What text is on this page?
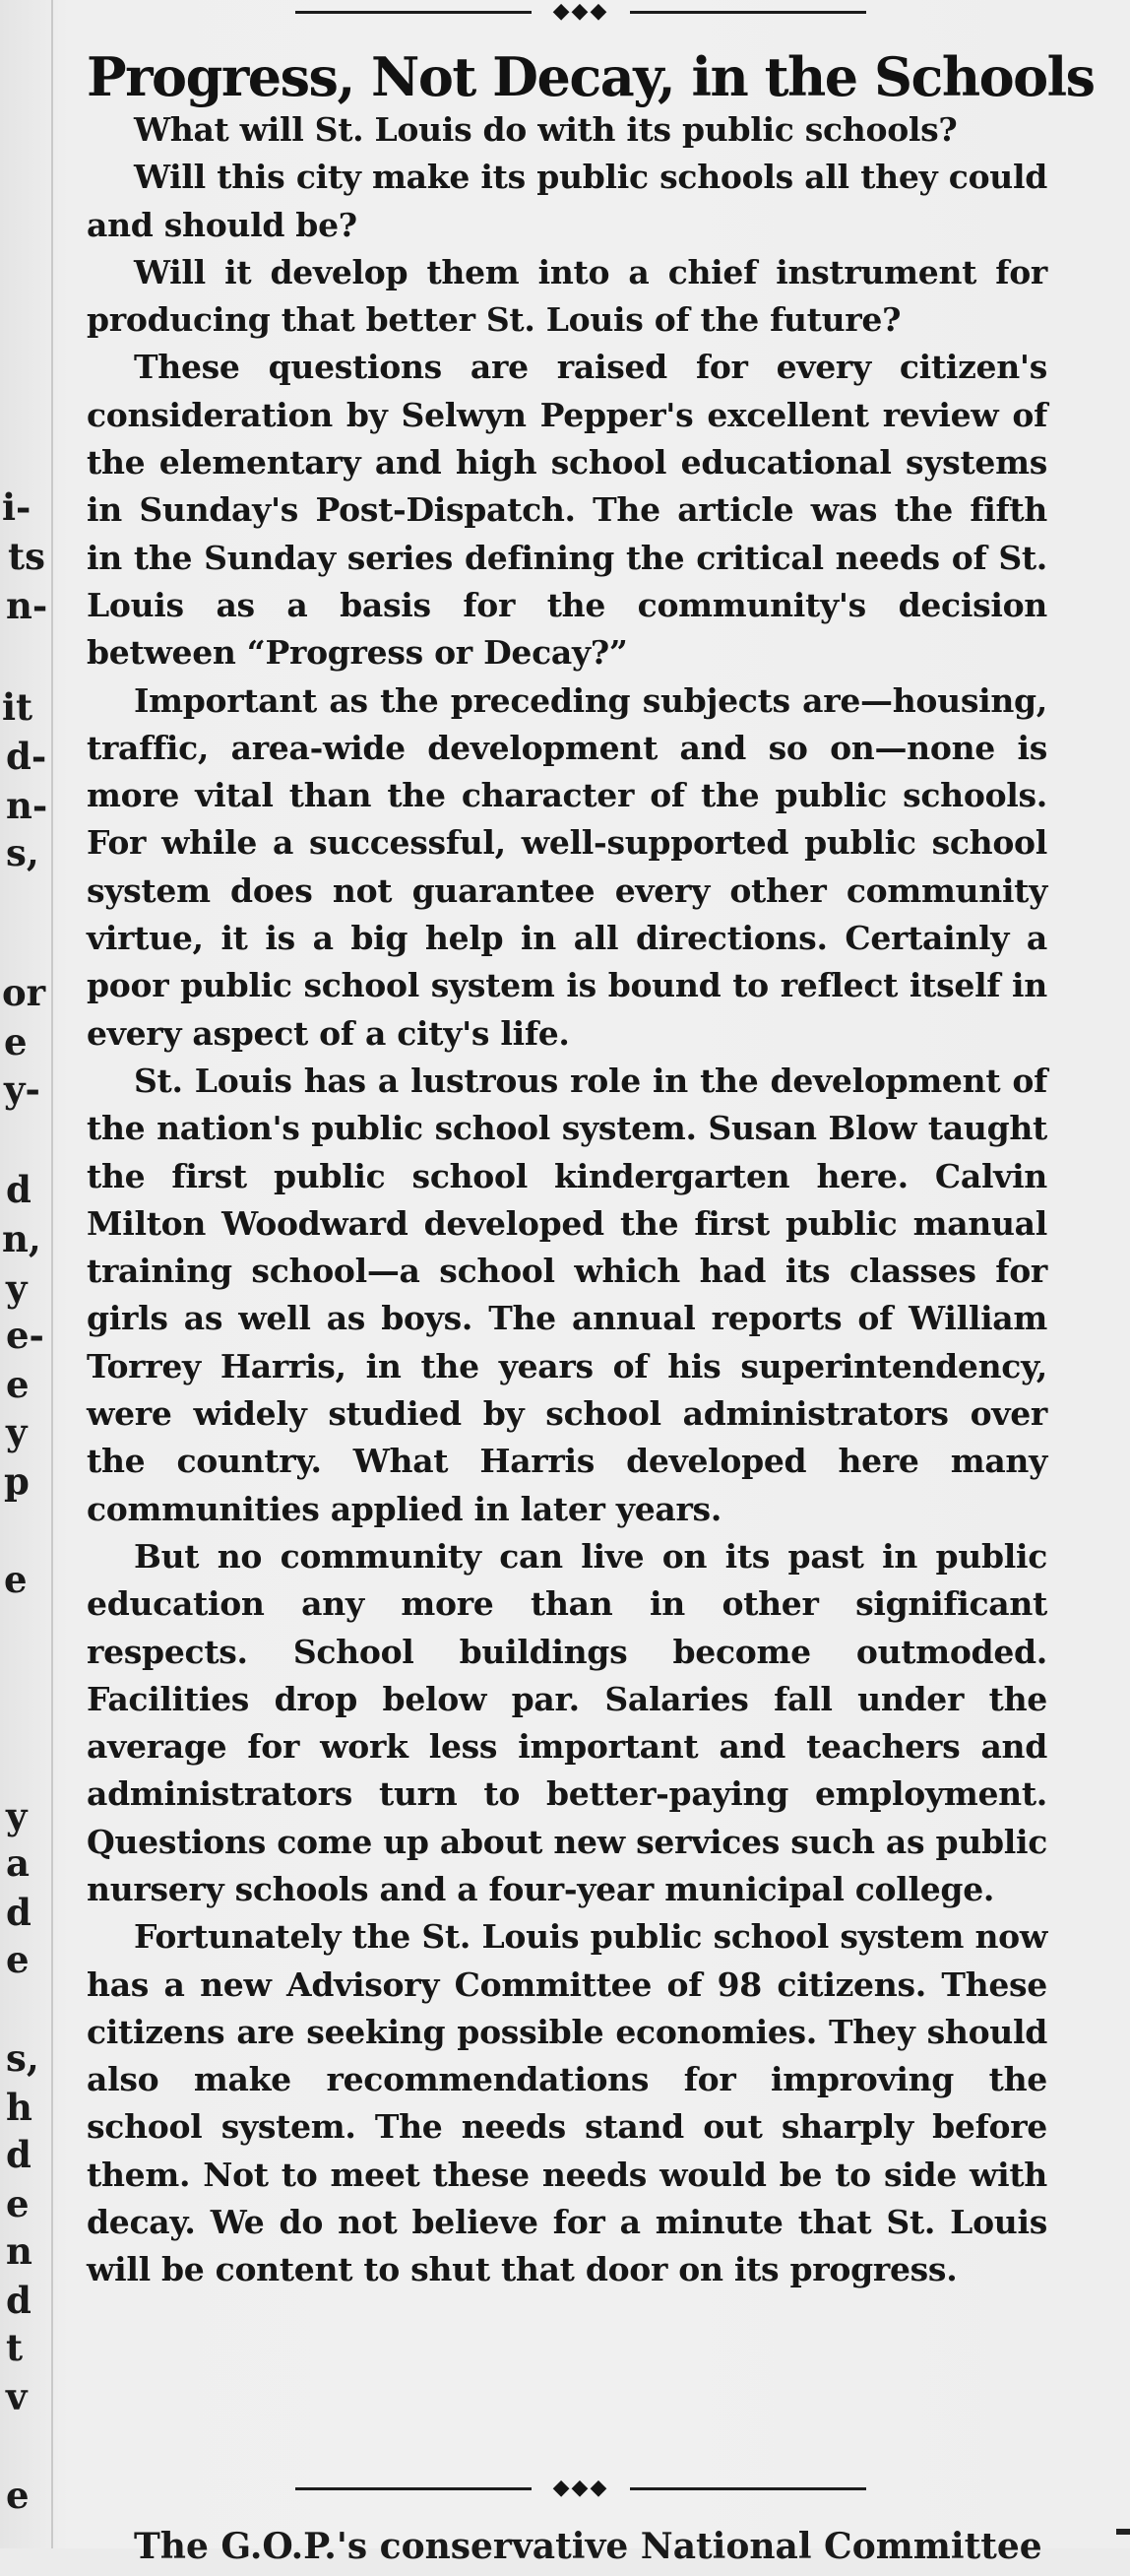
i-
ts
n-
it
d-
n-
s,
or
e
y-
d
n,
y
e-
e
y
p
e
y
a
d
e
s,
h
d
e
n
d
t
v
e
◆◆◆
Progress, Not Decay, in the Schools

What will St. Louis do with its public schools?

Will this city make its public schools all they could and should be?

Will it develop them into a chief instrument for producing that better St. Louis of the future?

These questions are raised for every citizen's consideration by Selwyn Pepper's excellent review of the elementary and high school educational systems in Sunday's Post-Dispatch. The article was the fifth in the Sunday series defining the critical needs of St. Louis as a basis for the community's decision between “Progress or Decay?”

Important as the preceding subjects are—housing, traffic, area-wide development and so on—none is more vital than the character of the public schools. For while a successful, well-supported public school system does not guarantee every other community virtue, it is a big help in all directions. Certainly a poor public school system is bound to reflect itself in every aspect of a city's life.

St. Louis has a lustrous role in the development of the nation's public school system. Susan Blow taught the first public school kindergarten here. Calvin Milton Woodward developed the first public manual training school—a school which had its classes for girls as well as boys. The annual reports of William Torrey Harris, in the years of his superintendency, were widely studied by school administrators over the country. What Harris developed here many communities applied in later years.

But no community can live on its past in public education any more than in other significant respects. School buildings become outmoded. Facilities drop below par. Salaries fall under the average for work less important and teachers and administrators turn to better-paying employment. Questions come up about new services such as public nursery schools and a four-year municipal college.

Fortunately the St. Louis public school system now has a new Advisory Committee of 98 citizens. These citizens are seeking possible economies. They should also make recommendations for improving the school system. The needs stand out sharply before them. Not to meet these needs would be to side with decay. We do not believe for a minute that St. Louis will be content to shut that door on its progress.

◆◆◆
The G.O.P.'s conservative National Committee
